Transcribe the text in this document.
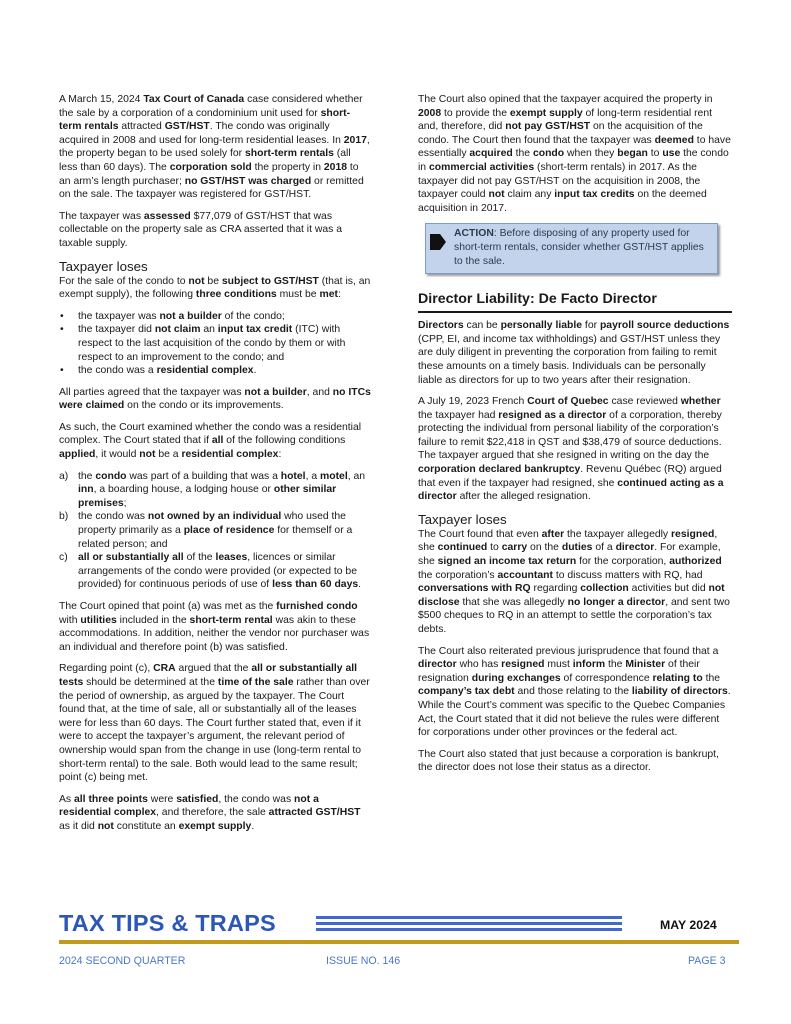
A March 15, 2024 Tax Court of Canada case considered whether the sale by a corporation of a condominium unit used for short-term rentals attracted GST/HST. The condo was originally acquired in 2008 and used for long-term residential leases. In 2017, the property began to be used solely for short-term rentals (all less than 60 days). The corporation sold the property in 2018 to an arm’s length purchaser; no GST/HST was charged or remitted on the sale. The taxpayer was registered for GST/HST.

The taxpayer was assessed $77,079 of GST/HST that was collectable on the property sale as CRA asserted that it was a taxable supply.

Taxpayer loses

For the sale of the condo to not be subject to GST/HST (that is, an exempt supply), the following three conditions must be met:

• the taxpayer was not a builder of the condo;
• the taxpayer did not claim an input tax credit (ITC) with respect to the last acquisition of the condo by them or with respect to an improvement to the condo; and
• the condo was a residential complex.

All parties agreed that the taxpayer was not a builder, and no ITCs were claimed on the condo or its improvements.

As such, the Court examined whether the condo was a residential complex. The Court stated that if all of the following conditions applied, it would not be a residential complex:

a) the condo was part of a building that was a hotel, a motel, an inn, a boarding house, a lodging house or other similar premises;
b) the condo was not owned by an individual who used the property primarily as a place of residence for themself or a related person; and
c) all or substantially all of the leases, licences or similar arrangements of the condo were provided (or expected to be provided) for continuous periods of use of less than 60 days.

The Court opined that point (a) was met as the furnished condo with utilities included in the short-term rental was akin to these accommodations. In addition, neither the vendor nor purchaser was an individual and therefore point (b) was satisfied.

Regarding point (c), CRA argued that the all or substantially all tests should be determined at the time of the sale rather than over the period of ownership, as argued by the taxpayer. The Court found that, at the time of sale, all or substantially all of the leases were for less than 60 days. The Court further stated that, even if it were to accept the taxpayer’s argument, the relevant period of ownership would span from the change in use (long-term rental to short-term rental) to the sale. Both would lead to the same result; point (c) being met.

As all three points were satisfied, the condo was not a residential complex, and therefore, the sale attracted GST/HST as it did not constitute an exempt supply.

The Court also opined that the taxpayer acquired the property in 2008 to provide the exempt supply of long-term residential rent and, therefore, did not pay GST/HST on the acquisition of the condo. The Court then found that the taxpayer was deemed to have essentially acquired the condo when they began to use the condo in commercial activities (short-term rentals) in 2017. As the taxpayer did not pay GST/HST on the acquisition in 2008, the taxpayer could not claim any input tax credits on the deemed acquisition in 2017.

ACTION: Before disposing of any property used for short-term rentals, consider whether GST/HST applies to the sale.
Director Liability: De Facto Director

Directors can be personally liable for payroll source deductions (CPP, EI, and income tax withholdings) and GST/HST unless they are duly diligent in preventing the corporation from failing to remit these amounts on a timely basis. Individuals can be personally liable as directors for up to two years after their resignation.

A July 19, 2023 French Court of Quebec case reviewed whether the taxpayer had resigned as a director of a corporation, thereby protecting the individual from personal liability of the corporation’s failure to remit $22,418 in QST and $38,479 of source deductions. The taxpayer argued that she resigned in writing on the day the corporation declared bankruptcy. Revenu Québec (RQ) argued that even if the taxpayer had resigned, she continued acting as a director after the alleged resignation.

Taxpayer loses

The Court found that even after the taxpayer allegedly resigned, she continued to carry on the duties of a director. For example, she signed an income tax return for the corporation, authorized the corporation’s accountant to discuss matters with RQ, had conversations with RQ regarding collection activities but did not disclose that she was allegedly no longer a director, and sent two $500 cheques to RQ in an attempt to settle the corporation’s tax debts.

The Court also reiterated previous jurisprudence that found that a director who has resigned must inform the Minister of their resignation during exchanges of correspondence relating to the company’s tax debt and those relating to the liability of directors. While the Court’s comment was specific to the Quebec Companies Act, the Court stated that it did not believe the rules were different for corporations under other provinces or the federal act.

The Court also stated that just because a corporation is bankrupt, the director does not lose their status as a director.

TAX TIPS & TRAPS	MAY 2024
2024 SECOND QUARTER	ISSUE NO. 146	PAGE 3
